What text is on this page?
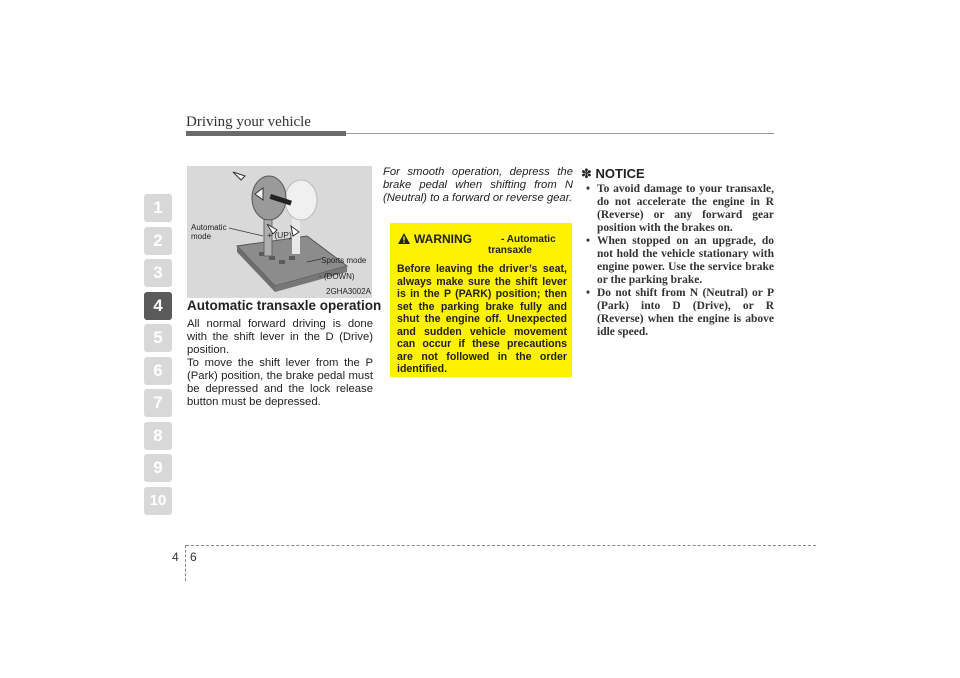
Driving your vehicle
1
2
3
4
5
6
7
8
9
10
Automatic mode	+ (UP)
Sports mode
- (DOWN)
2GHA3002A
Automatic transaxle operation
All normal forward driving is done with the shift lever in the D (Drive) position.
To move the shift lever from the P (Park) position, the brake pedal must be depressed and the lock release button must be depressed.
For smooth operation, depress the brake pedal when shifting from N (Neutral) to a forward or reverse gear.
WARNING	- Automatic
transaxle
Before leaving the driver’s seat, always make sure the shift lever is in the P (PARK) position; then set the parking brake fully and shut the engine off. Unexpected and sudden vehicle movement can occur if these precautions are not followed in the order identified.
✽ NOTICE
• To avoid damage to your transaxle, do not accelerate the engine in R (Reverse) or any forward gear position with the brakes on.
• When stopped on an upgrade, do not hold the vehicle stationary with engine power. Use the service brake or the parking brake.
• Do not shift from N (Neutral) or P (Park) into D (Drive), or R (Reverse) when the engine is above idle speed.
4 6
